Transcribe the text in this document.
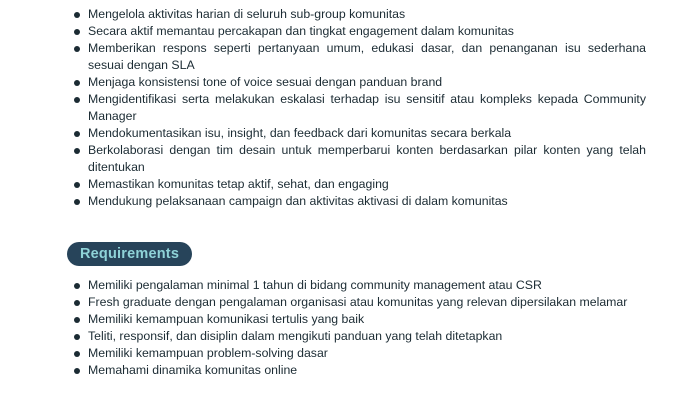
Mengelola aktivitas harian di seluruh sub-group komunitas
Secara aktif memantau percakapan dan tingkat engagement dalam komunitas
Memberikan respons seperti pertanyaan umum, edukasi dasar, dan penanganan isu sederhana sesuai dengan SLA
Menjaga konsistensi tone of voice sesuai dengan panduan brand
Mengidentifikasi serta melakukan eskalasi terhadap isu sensitif atau kompleks kepada Community Manager
Mendokumentasikan isu, insight, dan feedback dari komunitas secara berkala
Berkolaborasi dengan tim desain untuk memperbarui konten berdasarkan pilar konten yang telah ditentukan
Memastikan komunitas tetap aktif, sehat, dan engaging
Mendukung pelaksanaan campaign dan aktivitas aktivasi di dalam komunitas
Requirements
Memiliki pengalaman minimal 1 tahun di bidang community management atau CSR
Fresh graduate dengan pengalaman organisasi atau komunitas yang relevan dipersilakan melamar
Memiliki kemampuan komunikasi tertulis yang baik
Teliti, responsif, dan disiplin dalam mengikuti panduan yang telah ditetapkan
Memiliki kemampuan problem-solving dasar
Memahami dinamika komunitas online
